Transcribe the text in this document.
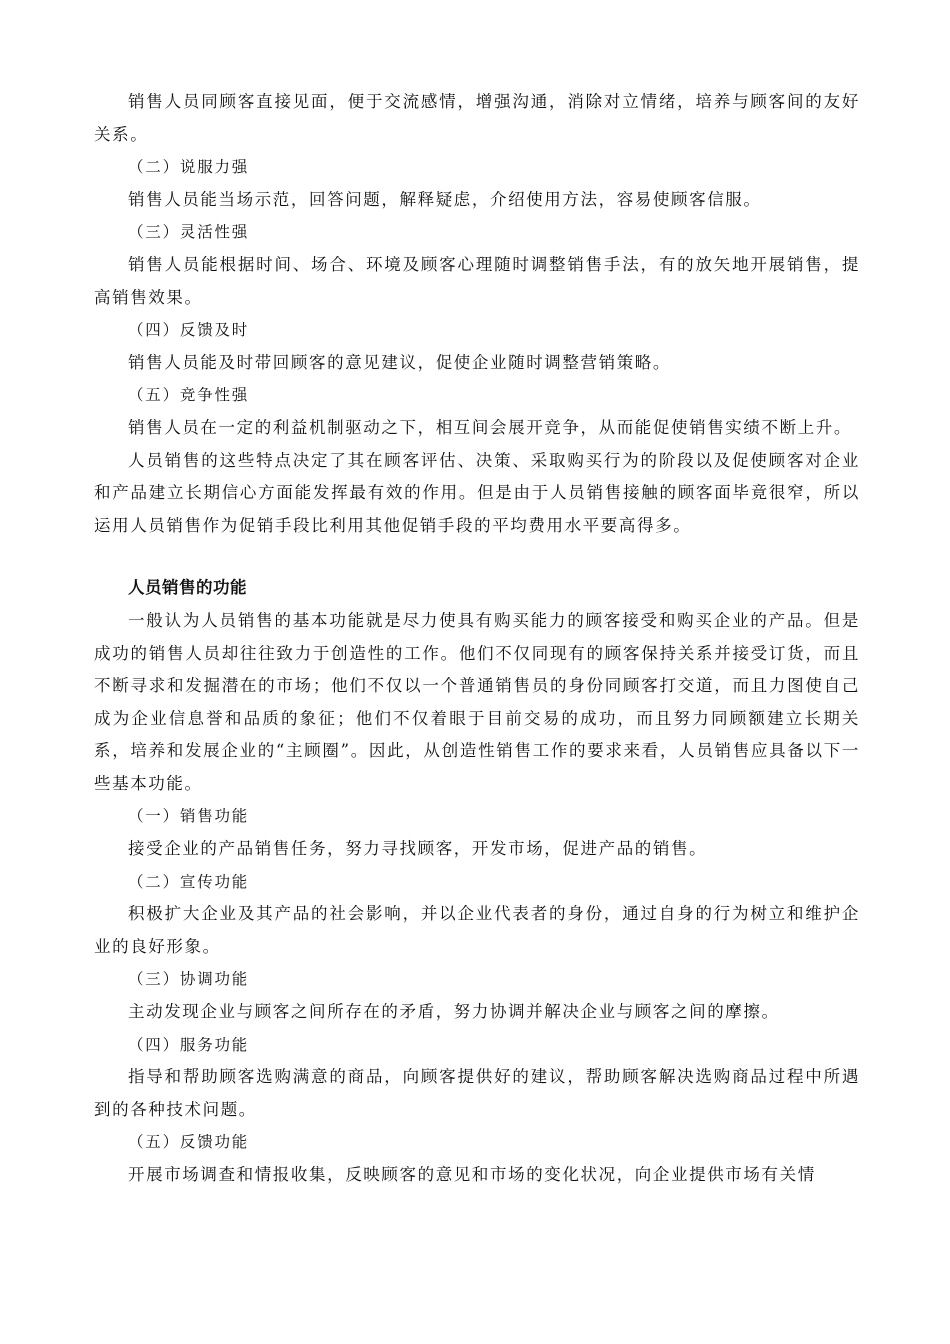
销售人员同顾客直接见面，便于交流感情，增强沟通，消除对立情绪，培养与顾客间的友好关系。

（二）说服力强

销售人员能当场示范，回答问题，解释疑虑，介绍使用方法，容易使顾客信服。

（三）灵活性强

销售人员能根据时间、场合、环境及顾客心理随时调整销售手法，有的放矢地开展销售，提高销售效果。

（四）反馈及时

销售人员能及时带回顾客的意见建议，促使企业随时调整营销策略。

（五）竞争性强

销售人员在一定的利益机制驱动之下，相互间会展开竞争，从而能促使销售实绩不断上升。

人员销售的这些特点决定了其在顾客评估、决策、采取购买行为的阶段以及促使顾客对企业和产品建立长期信心方面能发挥最有效的作用。但是由于人员销售接触的顾客面毕竟很窄，所以运用人员销售作为促销手段比利用其他促销手段的平均费用水平要高得多。

人员销售的功能

一般认为人员销售的基本功能就是尽力使具有购买能力的顾客接受和购买企业的产品。但是成功的销售人员却往往致力于创造性的工作。他们不仅同现有的顾客保持关系并接受订货，而且不断寻求和发掘潜在的市场；他们不仅以一个普通销售员的身份同顾客打交道，而且力图使自己成为企业信息誉和品质的象征；他们不仅着眼于目前交易的成功，而且努力同顾额建立长期关系，培养和发展企业的“主顾圈”。因此，从创造性销售工作的要求来看，人员销售应具备以下一些基本功能。

（一）销售功能

接受企业的产品销售任务，努力寻找顾客，开发市场，促进产品的销售。

（二）宣传功能

积极扩大企业及其产品的社会影响，并以企业代表者的身份，通过自身的行为树立和维护企业的良好形象。

（三）协调功能

主动发现企业与顾客之间所存在的矛盾，努力协调并解决企业与顾客之间的摩擦。

（四）服务功能

指导和帮助顾客选购满意的商品，向顾客提供好的建议，帮助顾客解决选购商品过程中所遇到的各种技术问题。

（五）反馈功能

开展市场调查和情报收集，反映顾客的意见和市场的变化状况，向企业提供市场有关情
